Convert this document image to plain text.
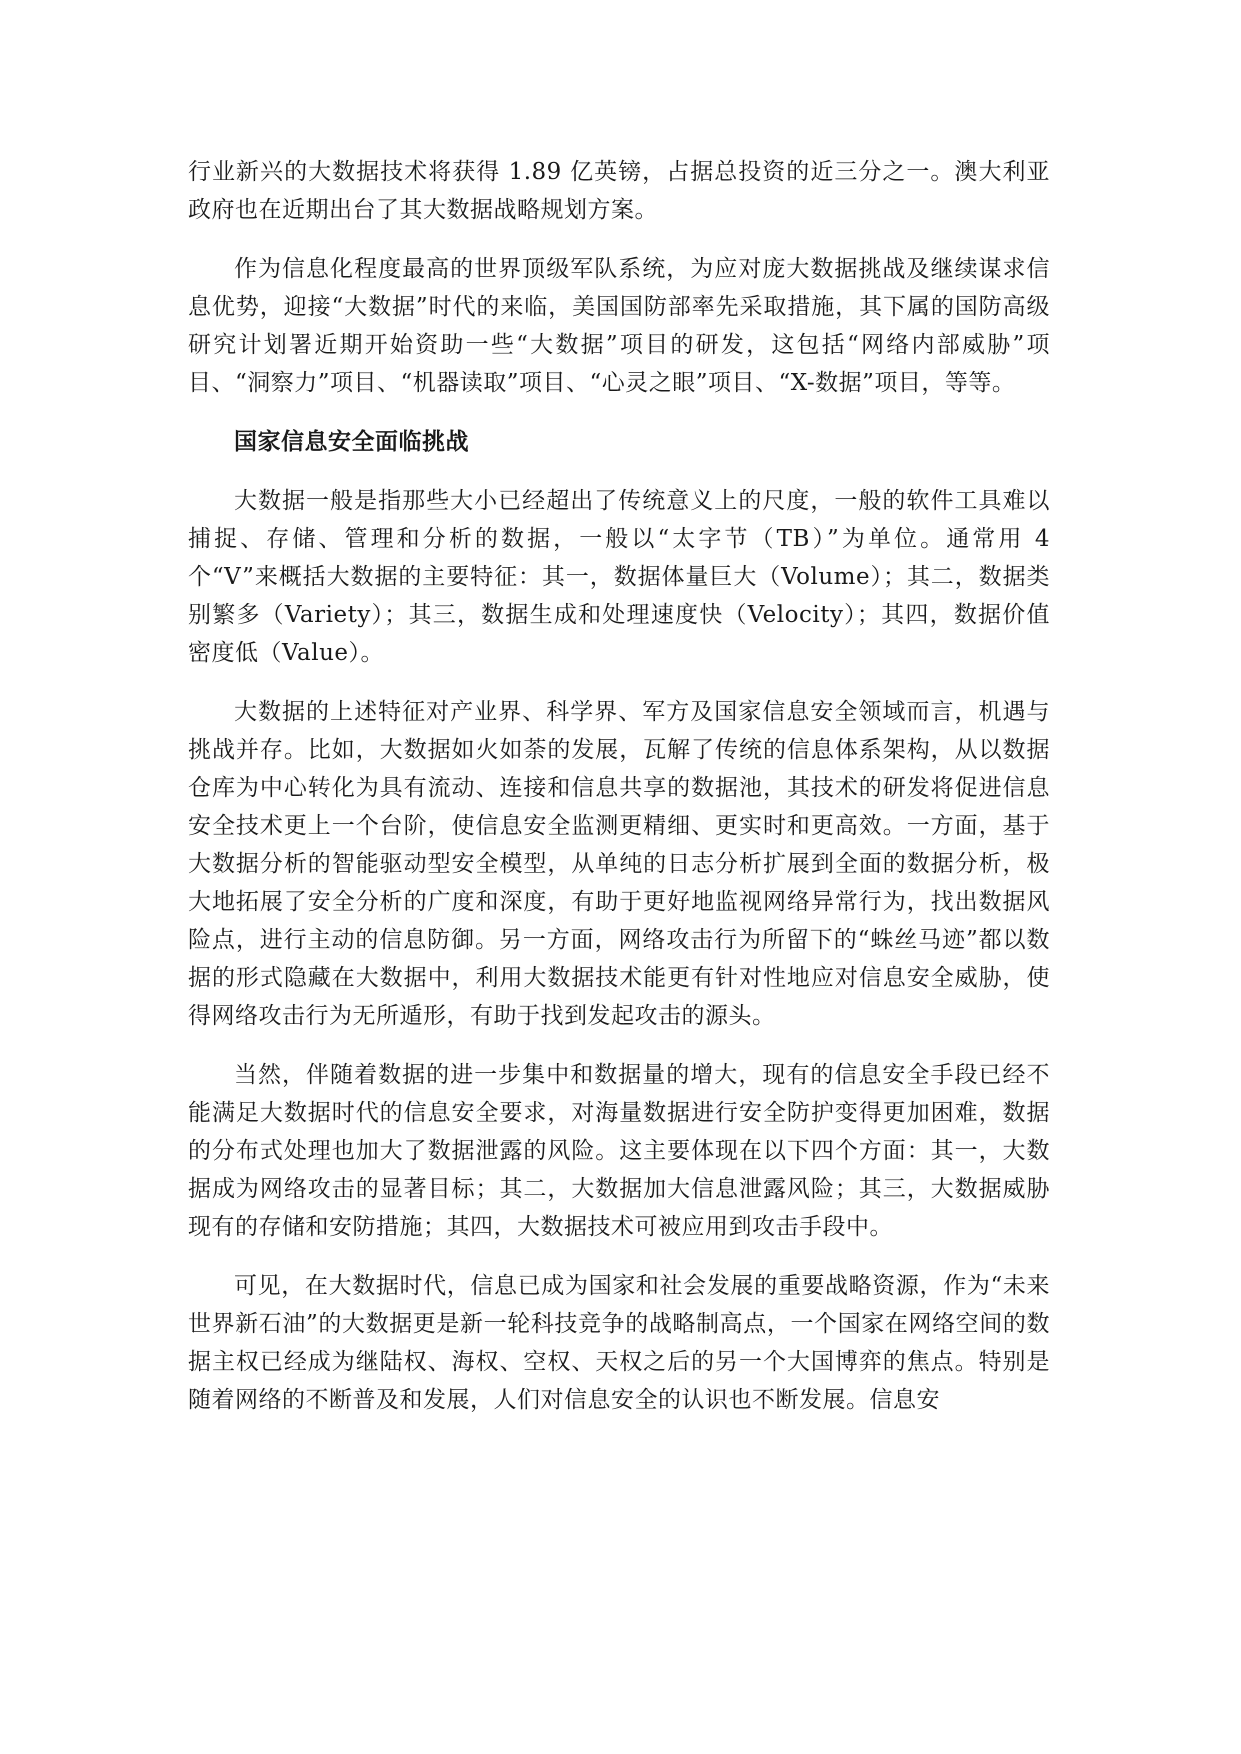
行业新兴的大数据技术将获得 1.89 亿英镑，占据总投资的近三分之一。澳大利亚政府也在近期出台了其大数据战略规划方案。

作为信息化程度最高的世界顶级军队系统，为应对庞大数据挑战及继续谋求信息优势，迎接“大数据”时代的来临，美国国防部率先采取措施，其下属的国防高级研究计划署近期开始资助一些“大数据”项目的研发，这包括“网络内部威胁”项目、“洞察力”项目、“机器读取”项目、“心灵之眼”项目、“X-数据”项目，等等。

国家信息安全面临挑战

大数据一般是指那些大小已经超出了传统意义上的尺度，一般的软件工具难以捕捉、存储、管理和分析的数据，一般以“太字节（TB）”为单位。通常用 4 个“V”来概括大数据的主要特征：其一，数据体量巨大（Volume）；其二，数据类别繁多（Variety）；其三，数据生成和处理速度快（Velocity）；其四，数据价值密度低（Value）。

大数据的上述特征对产业界、科学界、军方及国家信息安全领域而言，机遇与挑战并存。比如，大数据如火如荼的发展，瓦解了传统的信息体系架构，从以数据仓库为中心转化为具有流动、连接和信息共享的数据池，其技术的研发将促进信息安全技术更上一个台阶，使信息安全监测更精细、更实时和更高效。一方面，基于大数据分析的智能驱动型安全模型，从单纯的日志分析扩展到全面的数据分析，极大地拓展了安全分析的广度和深度，有助于更好地监视网络异常行为，找出数据风险点，进行主动的信息防御。另一方面，网络攻击行为所留下的“蛛丝马迹”都以数据的形式隐藏在大数据中，利用大数据技术能更有针对性地应对信息安全威胁，使得网络攻击行为无所遁形，有助于找到发起攻击的源头。

当然，伴随着数据的进一步集中和数据量的增大，现有的信息安全手段已经不能满足大数据时代的信息安全要求，对海量数据进行安全防护变得更加困难，数据的分布式处理也加大了数据泄露的风险。这主要体现在以下四个方面：其一，大数据成为网络攻击的显著目标；其二，大数据加大信息泄露风险；其三，大数据威胁现有的存储和安防措施；其四，大数据技术可被应用到攻击手段中。

可见，在大数据时代，信息已成为国家和社会发展的重要战略资源，作为“未来世界新石油”的大数据更是新一轮科技竞争的战略制高点，一个国家在网络空间的数据主权已经成为继陆权、海权、空权、天权之后的另一个大国博弈的焦点。特别是随着网络的不断普及和发展，人们对信息安全的认识也不断发展。信息安
